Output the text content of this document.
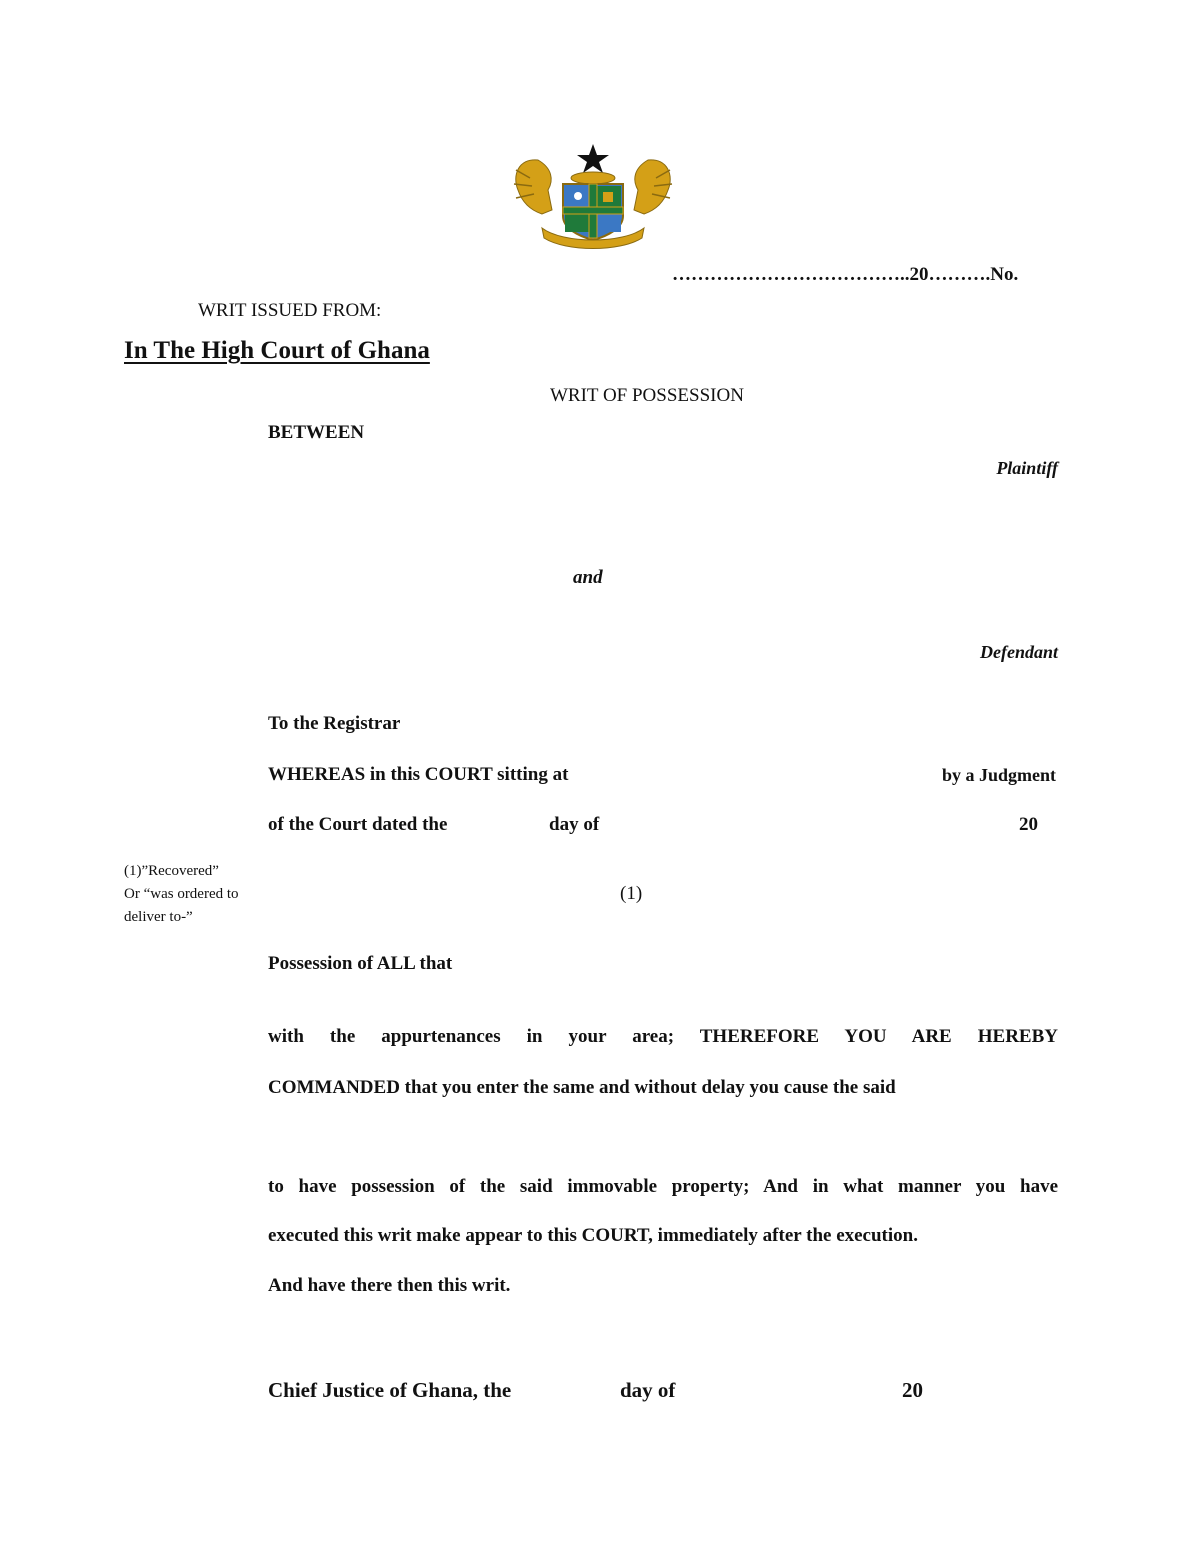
………………………………..20……….No.
WRIT ISSUED FROM:
In The High Court of Ghana
WRIT OF POSSESSION
BETWEEN
Plaintiff
and
Defendant
To the Registrar
WHEREAS in this COURT sitting at	by a Judgment
of the Court dated the	day of	20
(1)”Recovered”
Or “was ordered to
deliver to-”
(1)
Possession of ALL that
with the appurtenances in your area; THEREFORE YOU ARE HEREBY
COMMANDED that you enter the same and without delay you cause the said
to have possession of the said immovable property; And in what manner you have
executed this writ make appear to this COURT, immediately after the execution.
And have there then this writ.
Chief Justice of Ghana, the	day of	20
